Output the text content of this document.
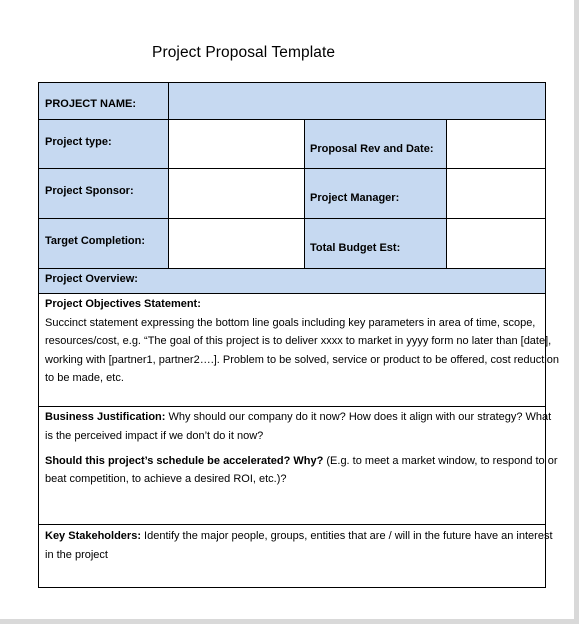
Project Proposal Template
PROJECT NAME:
Project type:
Proposal Rev and Date:
Project Sponsor:
Project Manager:
Target Completion:
Total Budget Est:
Project Overview:
Project Objectives Statement:
Succinct statement expressing the bottom line goals including key parameters in area of time, scope,
resources/cost, e.g. “The goal of this project is to deliver xxxx to market in yyyy form no later than [date],
working with [partner1, partner2….]. Problem to be solved, service or product to be offered, cost reduction
to be made, etc.
Business Justification: Why should our company do it now? How does it align with our strategy? What
is the perceived impact if we don’t do it now?
Should this project’s schedule be accelerated? Why? (E.g. to meet a market window, to respond to or
beat competition, to achieve a desired ROI, etc.)?
Key Stakeholders: Identify the major people, groups, entities that are / will in the future have an interest
in the project
